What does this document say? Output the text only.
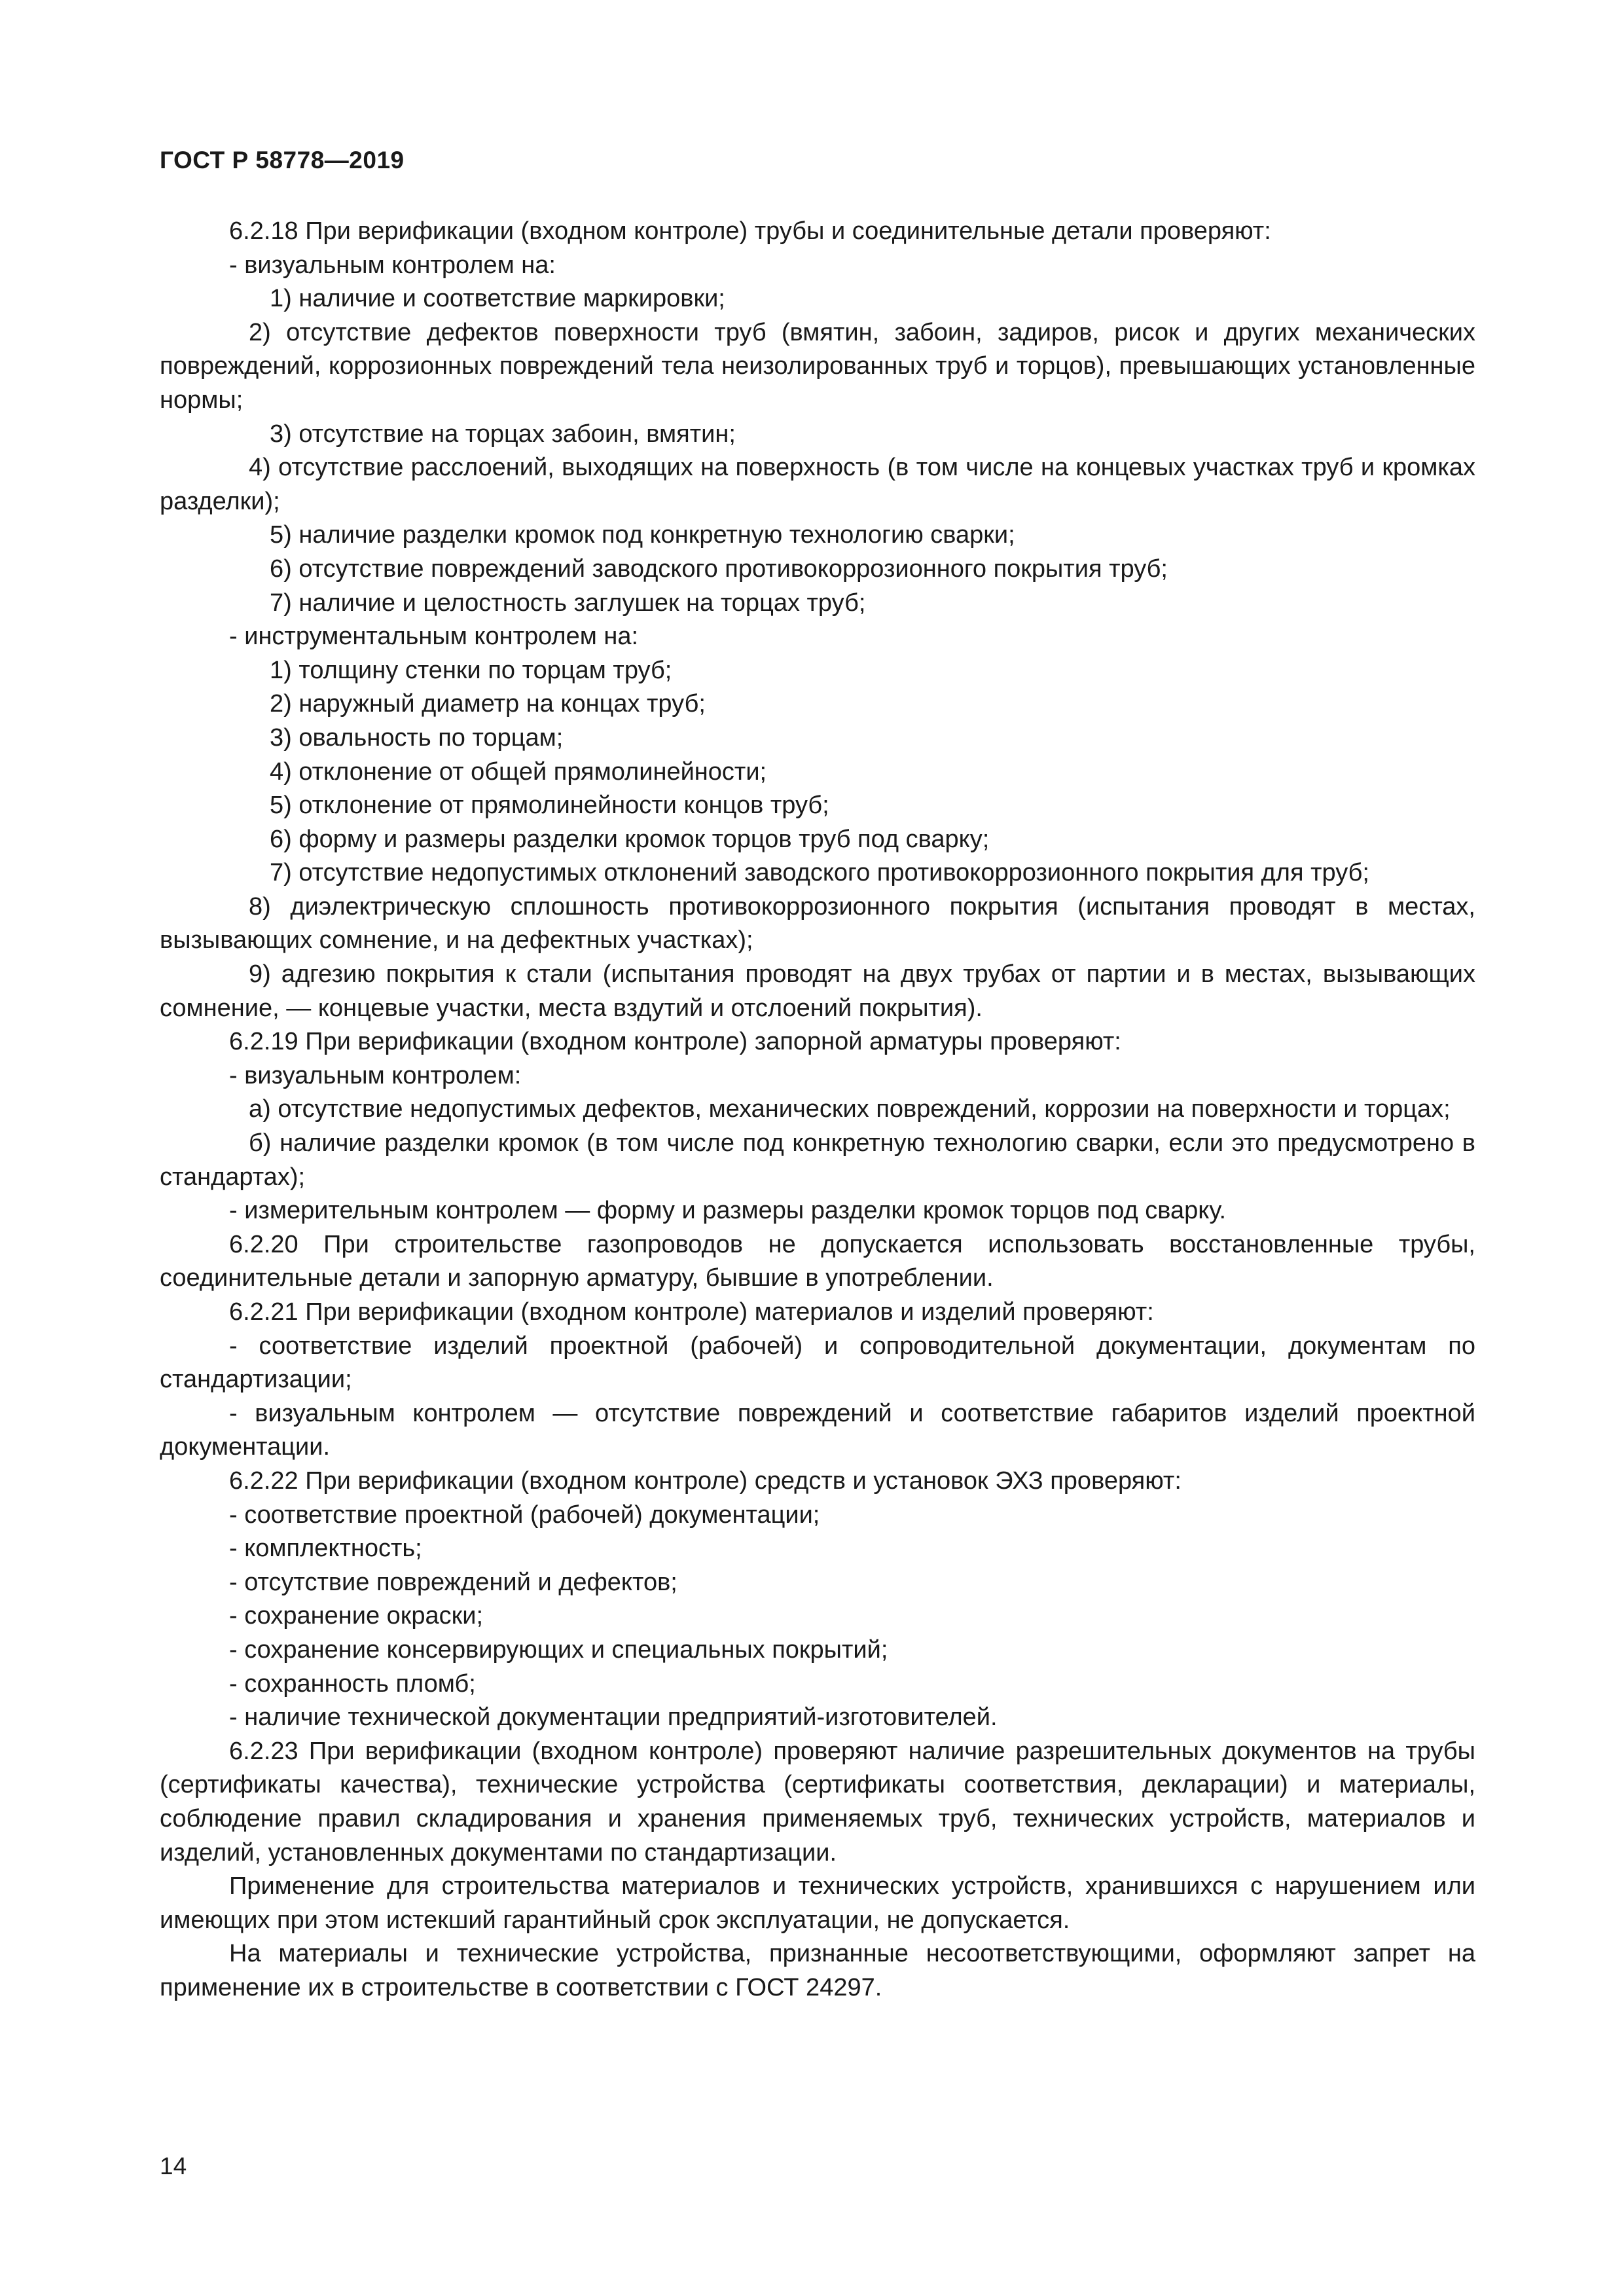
ГОСТ Р 58778—2019

6.2.18 При верификации (входном контроле) трубы и соединительные детали проверяют:

- визуальным контролем на:

1) наличие и соответствие маркировки;

2) отсутствие дефектов поверхности труб (вмятин, забоин, задиров, рисок и других механических повреждений, коррозионных повреждений тела неизолированных труб и торцов), превышающих установленные нормы;

3) отсутствие на торцах забоин, вмятин;

4) отсутствие расслоений, выходящих на поверхность (в том числе на концевых участках труб и кромках разделки);

5) наличие разделки кромок под конкретную технологию сварки;

6) отсутствие повреждений заводского противокоррозионного покрытия труб;

7) наличие и целостность заглушек на торцах труб;

- инструментальным контролем на:

1) толщину стенки по торцам труб;

2) наружный диаметр на концах труб;

3) овальность по торцам;

4) отклонение от общей прямолинейности;

5) отклонение от прямолинейности концов труб;

6) форму и размеры разделки кромок торцов труб под сварку;

7) отсутствие недопустимых отклонений заводского противокоррозионного покрытия для труб;

8) диэлектрическую сплошность противокоррозионного покрытия (испытания проводят в местах, вызывающих сомнение, и на дефектных участках);

9) адгезию покрытия к стали (испытания проводят на двух трубах от партии и в местах, вызывающих сомнение, — концевые участки, места вздутий и отслоений покрытия).

6.2.19 При верификации (входном контроле) запорной арматуры проверяют:

- визуальным контролем:

а) отсутствие недопустимых дефектов, механических повреждений, коррозии на поверхности и торцах;

б) наличие разделки кромок (в том числе под конкретную технологию сварки, если это предусмотрено в стандартах);

- измерительным контролем — форму и размеры разделки кромок торцов под сварку.

6.2.20 При строительстве газопроводов не допускается использовать восстановленные трубы, соединительные детали и запорную арматуру, бывшие в употреблении.

6.2.21 При верификации (входном контроле) материалов и изделий проверяют:

- соответствие изделий проектной (рабочей) и сопроводительной документации, документам по стандартизации;

- визуальным контролем — отсутствие повреждений и соответствие габаритов изделий проектной документации.

6.2.22 При верификации (входном контроле) средств и установок ЭХЗ проверяют:

- соответствие проектной (рабочей) документации;

- комплектность;

- отсутствие повреждений и дефектов;

- сохранение окраски;

- сохранение консервирующих и специальных покрытий;

- сохранность пломб;

- наличие технической документации предприятий-изготовителей.

6.2.23 При верификации (входном контроле) проверяют наличие разрешительных документов на трубы (сертификаты качества), технические устройства (сертификаты соответствия, декларации) и материалы, соблюдение правил складирования и хранения применяемых труб, технических устройств, материалов и изделий, установленных документами по стандартизации.

Применение для строительства материалов и технических устройств, хранившихся с нарушением или имеющих при этом истекший гарантийный срок эксплуатации, не допускается.

На материалы и технические устройства, признанные несоответствующими, оформляют запрет на применение их в строительстве в соответствии с ГОСТ 24297.

14
